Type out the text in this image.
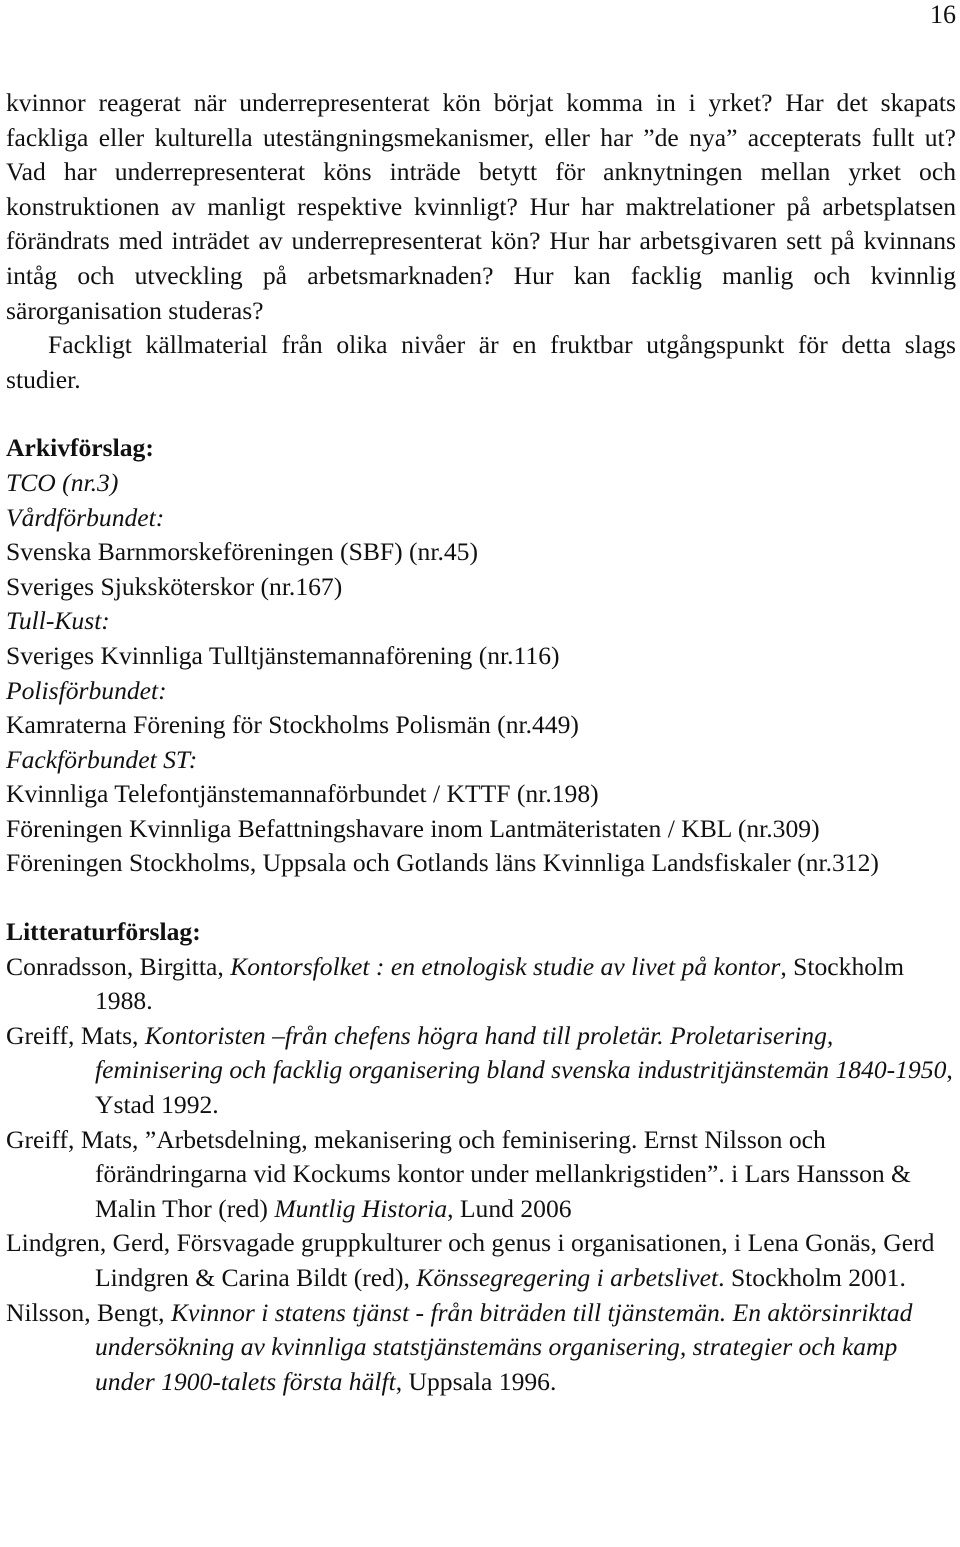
16

kvinnor reagerat när underrepresenterat kön börjat komma in i yrket? Har det skapats fackliga eller kulturella utestängningsmekanismer, eller har ”de nya” accepterats fullt ut? Vad har underrepresenterat köns inträde betytt för anknytningen mellan yrket och konstruktionen av manligt respektive kvinnligt? Hur har maktrelationer på arbetsplatsen förändrats med inträdet av underrepresenterat kön? Hur har arbetsgivaren sett på kvinnans intåg och utveckling på arbetsmarknaden? Hur kan facklig manlig och kvinnlig särorganisation studeras?

Fackligt källmaterial från olika nivåer är en fruktbar utgångspunkt för detta slags studier.

Arkivförslag:

TCO (nr.3)
Vårdförbundet:
Svenska Barnmorskeföreningen (SBF) (nr.45)
Sveriges Sjuksköterskor (nr.167)
Tull-Kust:
Sveriges Kvinnliga Tulltjänstemannaförening (nr.116)
Polisförbundet:
Kamraterna Förening för Stockholms Polismän (nr.449)
Fackförbundet ST:
Kvinnliga Telefontjänstemannaförbundet / KTTF (nr.198)
Föreningen Kvinnliga Befattningshavare inom Lantmäteristaten / KBL (nr.309)
Föreningen Stockholms, Uppsala och Gotlands läns Kvinnliga Landsfiskaler (nr.312)

Litteraturförslag:

Conradsson, Birgitta, Kontorsfolket : en etnologisk studie av livet på kontor, Stockholm 1988.
Greiff, Mats, Kontoristen –från chefens högra hand till proletär. Proletarisering, feminisering och facklig organisering bland svenska industritjänstemän 1840-1950, Ystad 1992.
Greiff, Mats, ”Arbetsdelning, mekanisering och feminisering. Ernst Nilsson och förändringarna vid Kockums kontor under mellankrigstiden”. i Lars Hansson & Malin Thor (red) Muntlig Historia, Lund 2006
Lindgren, Gerd, Försvagade gruppkulturer och genus i organisationen, i Lena Gonäs, Gerd Lindgren & Carina Bildt (red), Könssegregering i arbetslivet. Stockholm 2001.
Nilsson, Bengt, Kvinnor i statens tjänst - från biträden till tjänstemän. En aktörsinriktad undersökning av kvinnliga statstjänstemäns organisering, strategier och kamp under 1900-talets första hälft, Uppsala 1996.
